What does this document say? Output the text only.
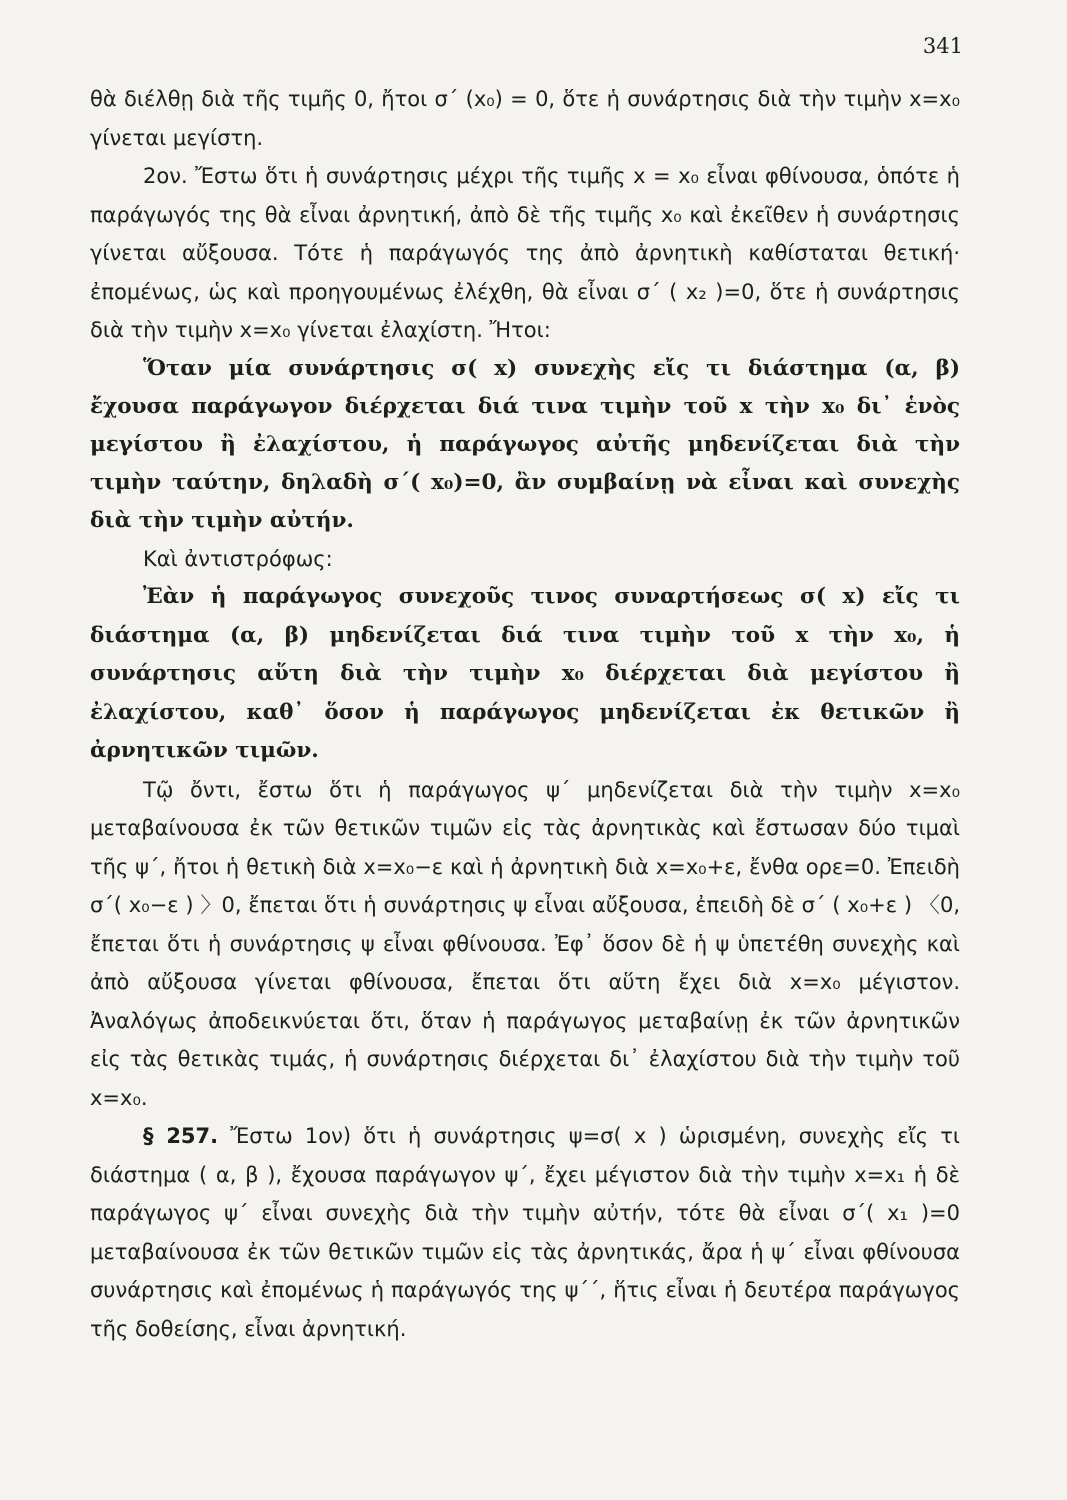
341

θὰ διέλθῃ διὰ τῆς τιμῆς 0, ἤτοι σ΄ (x₀) = 0, ὅτε ἡ συνάρτησις διὰ τὴν τιμὴν x=x₀ γίνεται μεγίστη.

2ον. Ἔστω ὅτι ἡ συνάρτησις μέχρι τῆς τιμῆς x = x₀ εἶναι φθίνουσα, ὁπότε ἡ παράγωγός της θὰ εἶναι ἀρνητική, ἀπὸ δὲ τῆς τιμῆς x₀ καὶ ἐκεῖθεν ἡ συνάρτησις γίνεται αὔξουσα. Τότε ἡ παράγωγός της ἀπὸ ἀρνητικὴ καθίσταται θετική· ἐπομένως, ὡς καὶ προηγουμένως ἐλέχθη, θὰ εἶναι σ΄ ( x₂ )=0, ὅτε ἡ συνάρτησις διὰ τὴν τιμὴν x=x₀ γίνεται ἐλαχίστη. Ἤτοι:

Ὅταν μία συνάρτησις σ( x) συνεχὴς εἴς τι διάστημα (α, β) ἔχουσα παράγωγον διέρχεται διά τινα τιμὴν τοῦ x τὴν x₀ δι᾿ ἑνὸς μεγίστου ἢ ἐλαχίστου, ἡ παράγωγος αὐτῆς μηδενίζεται διὰ τὴν τιμὴν ταύτην, δηλαδὴ σ΄( x₀)=0, ἂν συμβαίνῃ νὰ εἶναι καὶ συνεχὴς διὰ τὴν τιμὴν αὐτήν.

Καὶ ἀντιστρόφως:

Ἐὰν ἡ παράγωγος συνεχοῦς τινος συναρτήσεως σ( x) εἴς τι διάστημα (α, β) μηδενίζεται διά τινα τιμὴν τοῦ x τὴν x₀, ἡ συνάρτησις αὕτη διὰ τὴν τιμὴν x₀ διέρχεται διὰ μεγίστου ἢ ἐλαχίστου, καθ᾿ ὅσον ἡ παράγωγος μηδενίζεται ἐκ θετικῶν ἢ ἀρνητικῶν τιμῶν.

Τῷ ὄντι, ἔστω ὅτι ἡ παράγωγος ψ΄ μηδενίζεται διὰ τὴν τιμὴν x=x₀ μεταβαίνουσα ἐκ τῶν θετικῶν τιμῶν εἰς τὰς ἀρνητικὰς καὶ ἔστωσαν δύο τιμαὶ τῆς ψ΄, ἤτοι ἡ θετικὴ διὰ x=x₀−ε καὶ ἡ ἀρνητικὴ διὰ x=x₀+ε, ἔνθα ορε=0. Ἐπειδὴ σ΄( x₀−ε ) 〉0, ἔπεται ὅτι ἡ συνάρτησις ψ εἶναι αὔξουσα, ἐπειδὴ δὲ σ΄ ( x₀+ε ) 〈0, ἔπεται ὅτι ἡ συνάρτησις ψ εἶναι φθίνουσα. Ἐφ᾿ ὅσον δὲ ἡ ψ ὑπετέθη συνεχὴς καὶ ἀπὸ αὔξουσα γίνεται φθίνουσα, ἔπεται ὅτι αὕτη ἔχει διὰ x=x₀ μέγιστον. Ἀναλόγως ἀποδεικνύεται ὅτι, ὅταν ἡ παράγωγος μεταβαίνῃ ἐκ τῶν ἀρνητικῶν εἰς τὰς θετικὰς τιμάς, ἡ συνάρτησις διέρχεται δι᾿ ἐλαχίστου διὰ τὴν τιμὴν τοῦ x=x₀.

§ 257. Ἔστω 1ον) ὅτι ἡ συνάρτησις ψ=σ( x ) ὡρισμένη, συνεχὴς εἴς τι διάστημα ( α, β ), ἔχουσα παράγωγον ψ΄, ἔχει μέγιστον διὰ τὴν τιμὴν x=x₁ ἡ δὲ παράγωγος ψ΄ εἶναι συνεχὴς διὰ τὴν τιμὴν αὐτήν, τότε θὰ εἶναι σ΄( x₁ )=0 μεταβαίνουσα ἐκ τῶν θετικῶν τιμῶν εἰς τὰς ἀρνητικάς, ἄρα ἡ ψ΄ εἶναι φθίνουσα συνάρτησις καὶ ἐπομένως ἡ παράγωγός της ψ΄΄, ἥτις εἶναι ἡ δευτέρα παράγωγος τῆς δοθείσης, εἶναι ἀρνητική.
